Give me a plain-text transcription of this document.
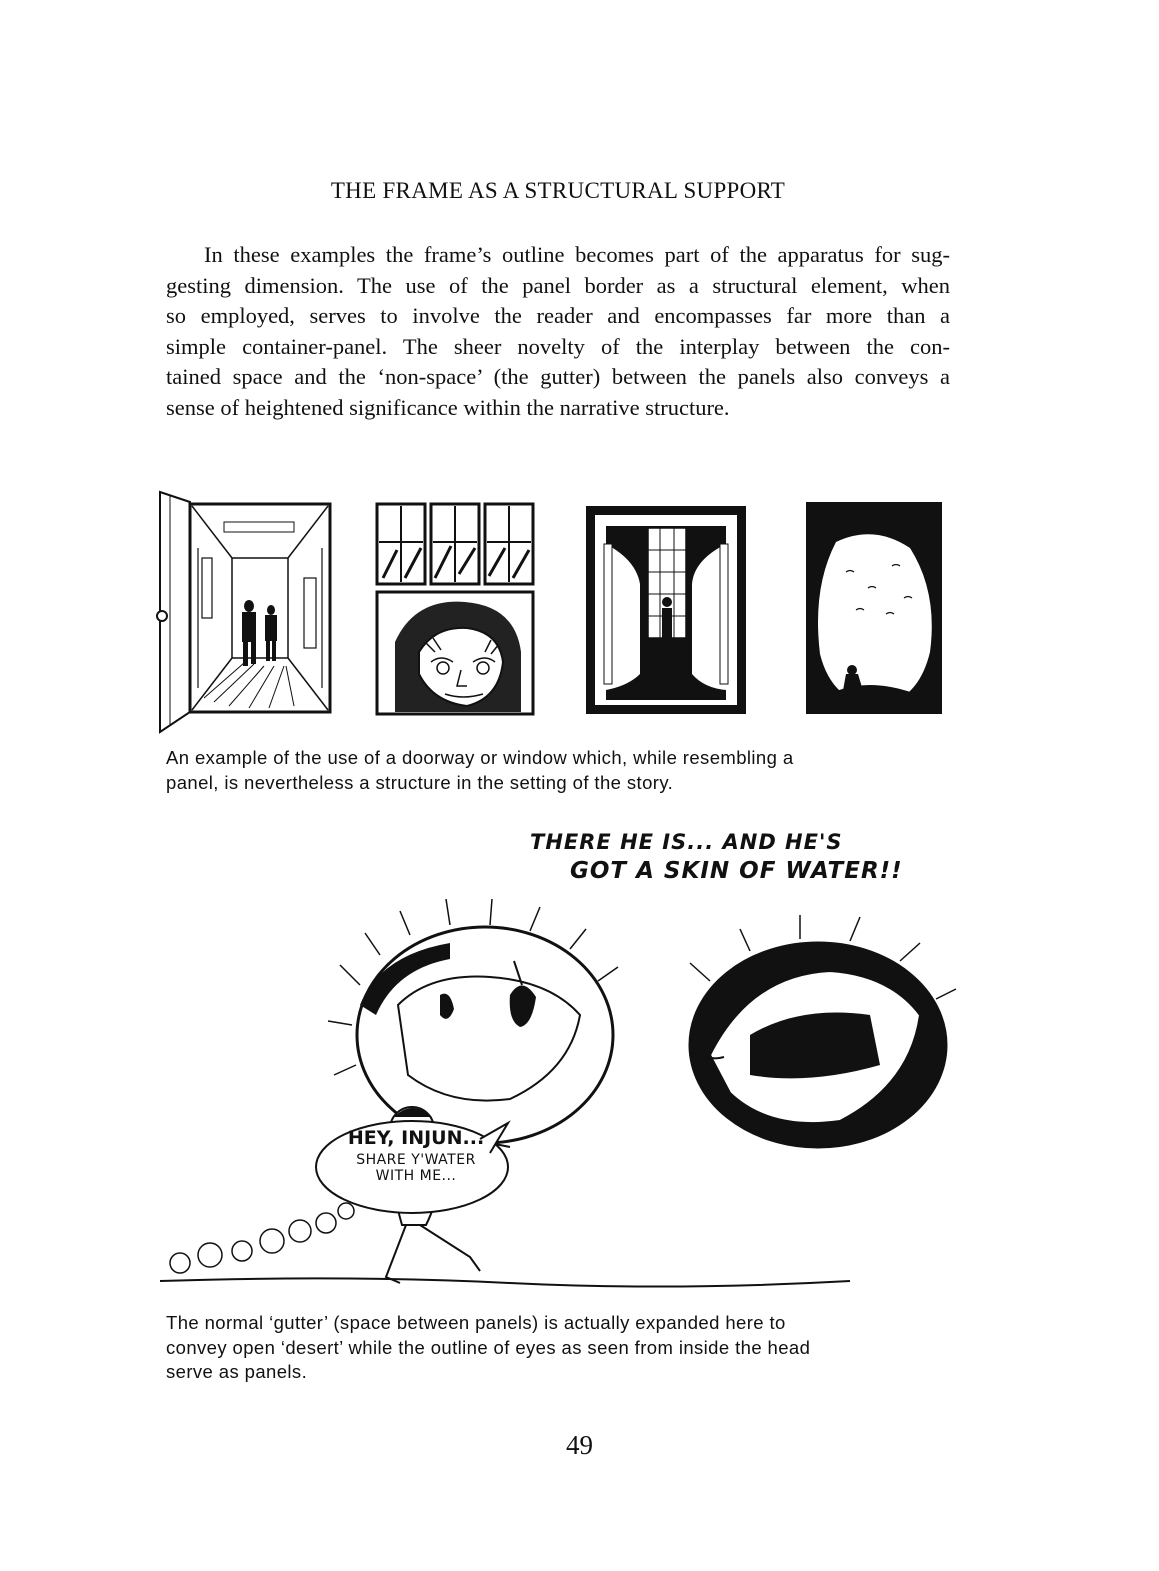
THE FRAME AS A STRUCTURAL SUPPORT
In these examples the frame’s outline becomes part of the apparatus for sug-
gesting dimension. The use of the panel border as a structural element, when
so employed, serves to involve the reader and encompasses far more than a
simple container-panel. The sheer novelty of the interplay between the con-
tained space and the ‘non-space’ (the gutter) between the panels also conveys a
sense of heightened significance within the narrative structure.
An example of the use of a doorway or window which, while resembling a
panel, is nevertheless a structure in the setting of the story.
THERE HE IS... AND HE'S
GOT A SKIN OF WATER!!
HEY, INJUN...
SHARE Y'WATER
WITH ME...
The normal ‘gutter’ (space between panels) is actually expanded here to
convey open ‘desert’ while the outline of eyes as seen from inside the head
serve as panels.
49
